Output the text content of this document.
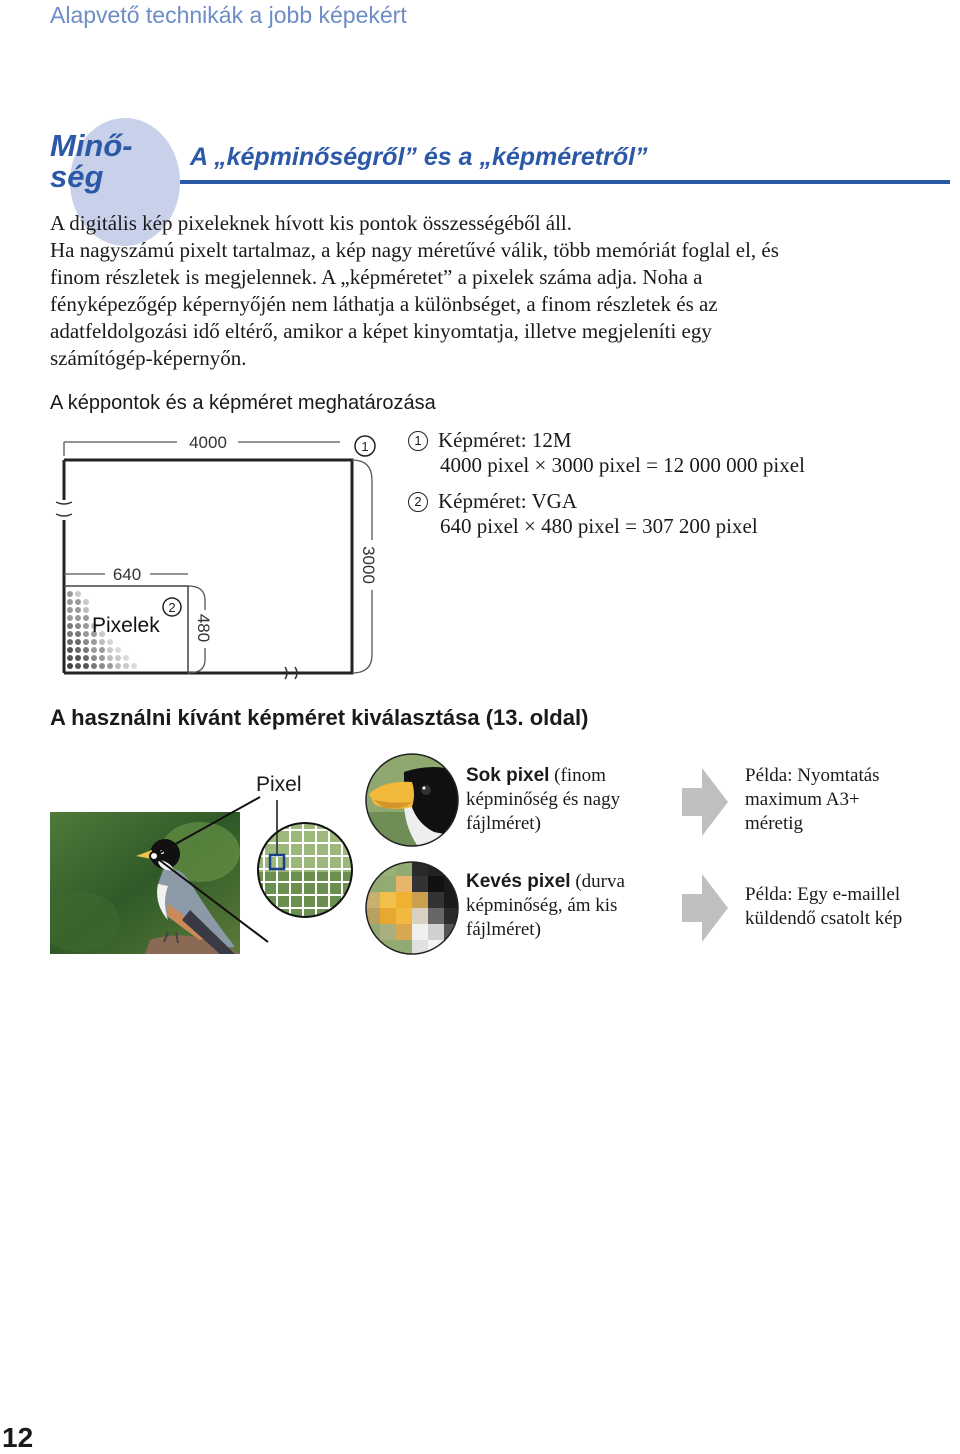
Alapvető technikák a jobb képekért
Minő-
ség
A „képminőségről” és a „képméretről”
A digitális kép pixeleknek hívott kis pontok összességéből áll.
Ha nagyszámú pixelt tartalmaz, a kép nagy méretűvé válik, több memóriát foglal el, és
finom részletek is megjelennek. A „képméretet” a pixelek száma adja. Noha a
fényképezőgép képernyőjén nem láthatja a különbséget, a finom részletek és az
adatfeldolgozási idő eltérő, amikor a képet kinyomtatja, illetve megjeleníti egy
számítógép-képernyőn.
A képpontok és a képméret meghatározása
4000	1
3000
640
480
Pixelek
2
1 Képméret: 12M
4000 pixel × 3000 pixel = 12 000 000 pixel
2 Képméret: VGA
640 pixel × 480 pixel = 307 200 pixel
A használni kívánt képméret kiválasztása (13. oldal)
Pixel	Sok pixel (finom
képminőség és nagy
fájlméret)
Kevés pixel (durva
képminőség, ám kis
fájlméret)
Példa: Nyomtatás
maximum A3+
méretig
Példa: Egy e-maillel
küldendő csatolt kép
12
